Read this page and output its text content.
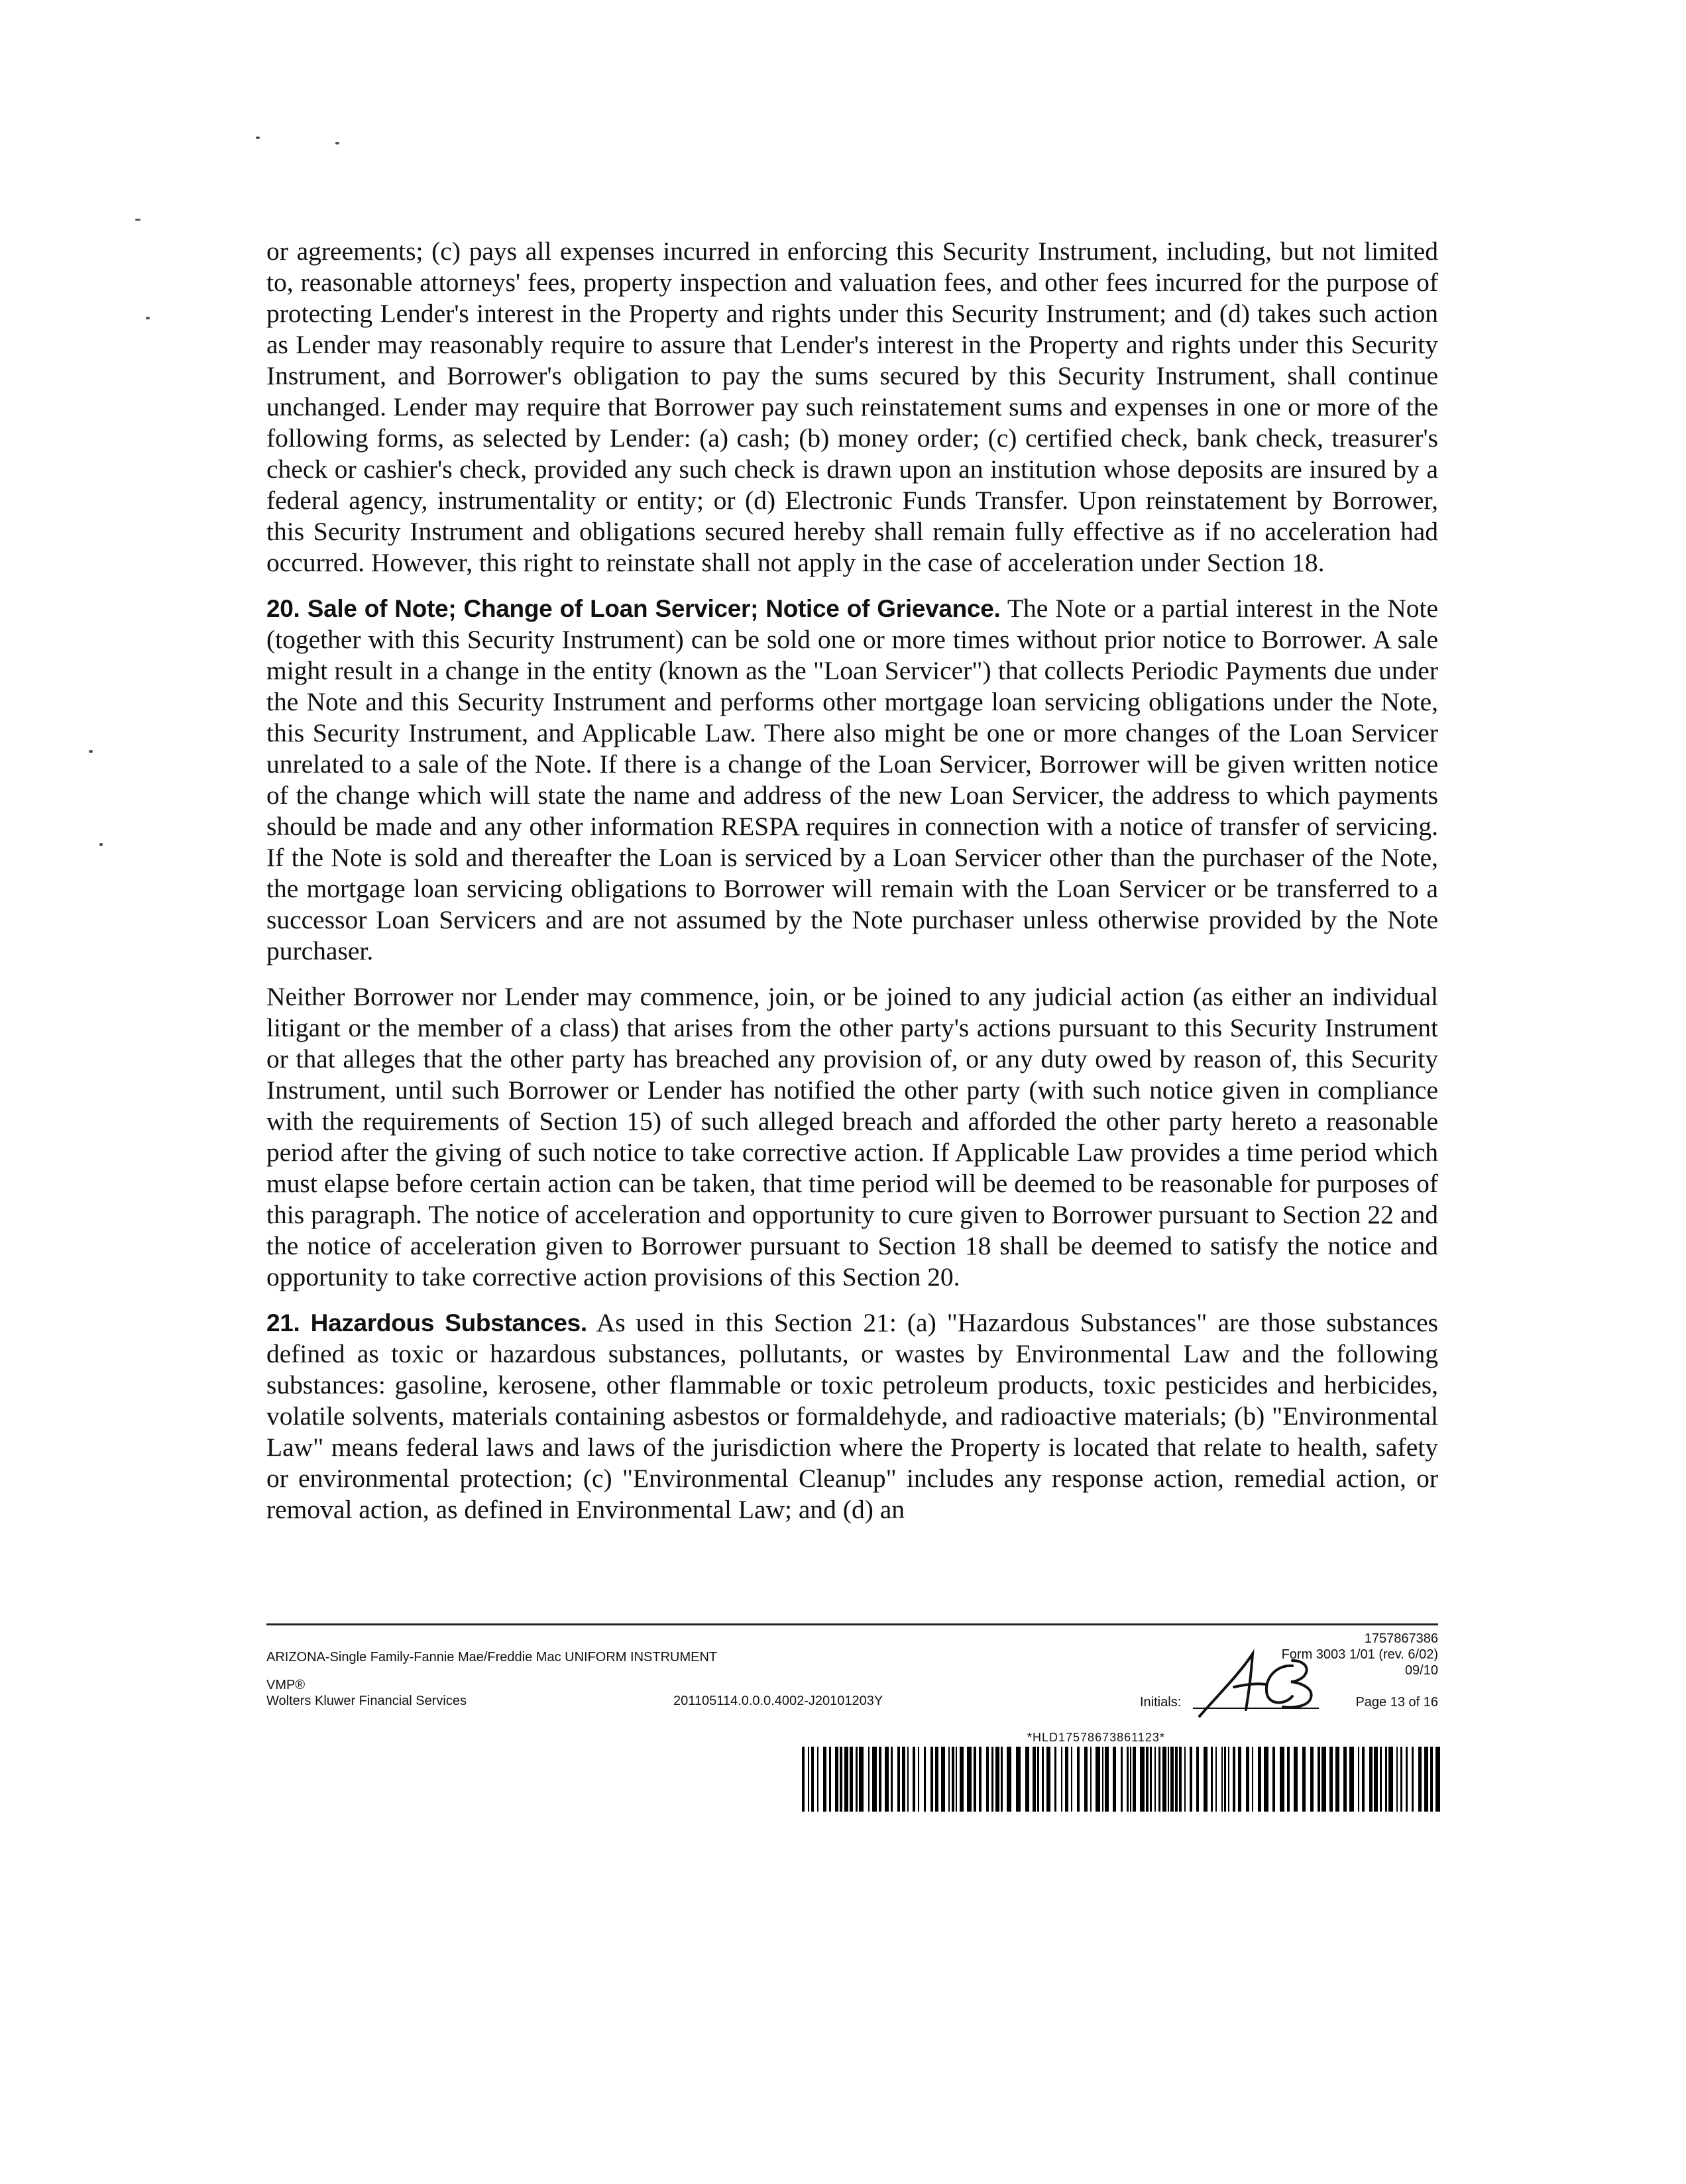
or agreements; (c) pays all expenses incurred in enforcing this Security Instrument, including, but not limited to, reasonable attorneys' fees, property inspection and valuation fees, and other fees incurred for the purpose of protecting Lender's interest in the Property and rights under this Security Instrument; and (d) takes such action as Lender may reasonably require to assure that Lender's interest in the Property and rights under this Security Instrument, and Borrower's obligation to pay the sums secured by this Security Instrument, shall continue unchanged. Lender may require that Borrower pay such reinstatement sums and expenses in one or more of the following forms, as selected by Lender: (a) cash; (b) money order; (c) certified check, bank check, treasurer's check or cashier's check, provided any such check is drawn upon an institution whose deposits are insured by a federal agency, instrumentality or entity; or (d) Electronic Funds Transfer. Upon reinstatement by Borrower, this Security Instrument and obligations secured hereby shall remain fully effective as if no acceleration had occurred. However, this right to reinstate shall not apply in the case of acceleration under Section 18.

20. Sale of Note; Change of Loan Servicer; Notice of Grievance. The Note or a partial interest in the Note (together with this Security Instrument) can be sold one or more times without prior notice to Borrower. A sale might result in a change in the entity (known as the "Loan Servicer") that collects Periodic Payments due under the Note and this Security Instrument and performs other mortgage loan servicing obligations under the Note, this Security Instrument, and Applicable Law. There also might be one or more changes of the Loan Servicer unrelated to a sale of the Note. If there is a change of the Loan Servicer, Borrower will be given written notice of the change which will state the name and address of the new Loan Servicer, the address to which payments should be made and any other information RESPA requires in connection with a notice of transfer of servicing. If the Note is sold and thereafter the Loan is serviced by a Loan Servicer other than the purchaser of the Note, the mortgage loan servicing obligations to Borrower will remain with the Loan Servicer or be transferred to a successor Loan Servicers and are not assumed by the Note purchaser unless otherwise provided by the Note purchaser.

Neither Borrower nor Lender may commence, join, or be joined to any judicial action (as either an individual litigant or the member of a class) that arises from the other party's actions pursuant to this Security Instrument or that alleges that the other party has breached any provision of, or any duty owed by reason of, this Security Instrument, until such Borrower or Lender has notified the other party (with such notice given in compliance with the requirements of Section 15) of such alleged breach and afforded the other party hereto a reasonable period after the giving of such notice to take corrective action. If Applicable Law provides a time period which must elapse before certain action can be taken, that time period will be deemed to be reasonable for purposes of this paragraph. The notice of acceleration and opportunity to cure given to Borrower pursuant to Section 22 and the notice of acceleration given to Borrower pursuant to Section 18 shall be deemed to satisfy the notice and opportunity to take corrective action provisions of this Section 20.

21. Hazardous Substances. As used in this Section 21: (a) "Hazardous Substances" are those substances defined as toxic or hazardous substances, pollutants, or wastes by Environmental Law and the following substances: gasoline, kerosene, other flammable or toxic petroleum products, toxic pesticides and herbicides, volatile solvents, materials containing asbestos or formaldehyde, and radioactive materials; (b) "Environmental Law" means federal laws and laws of the jurisdiction where the Property is located that relate to health, safety or environmental protection; (c) "Environmental Cleanup" includes any response action, remedial action, or removal action, as defined in Environmental Law; and (d) an

ARIZONA-Single Family-Fannie Mae/Freddie Mac UNIFORM INSTRUMENT
VMP®
Wolters Kluwer Financial Services	201105114.0.0.0.4002-J20101203Y
1757867386
Form 3003 1/01 (rev. 6/02)
09/10
Initials:	Page 13 of 16
*HLD17578673861123*
